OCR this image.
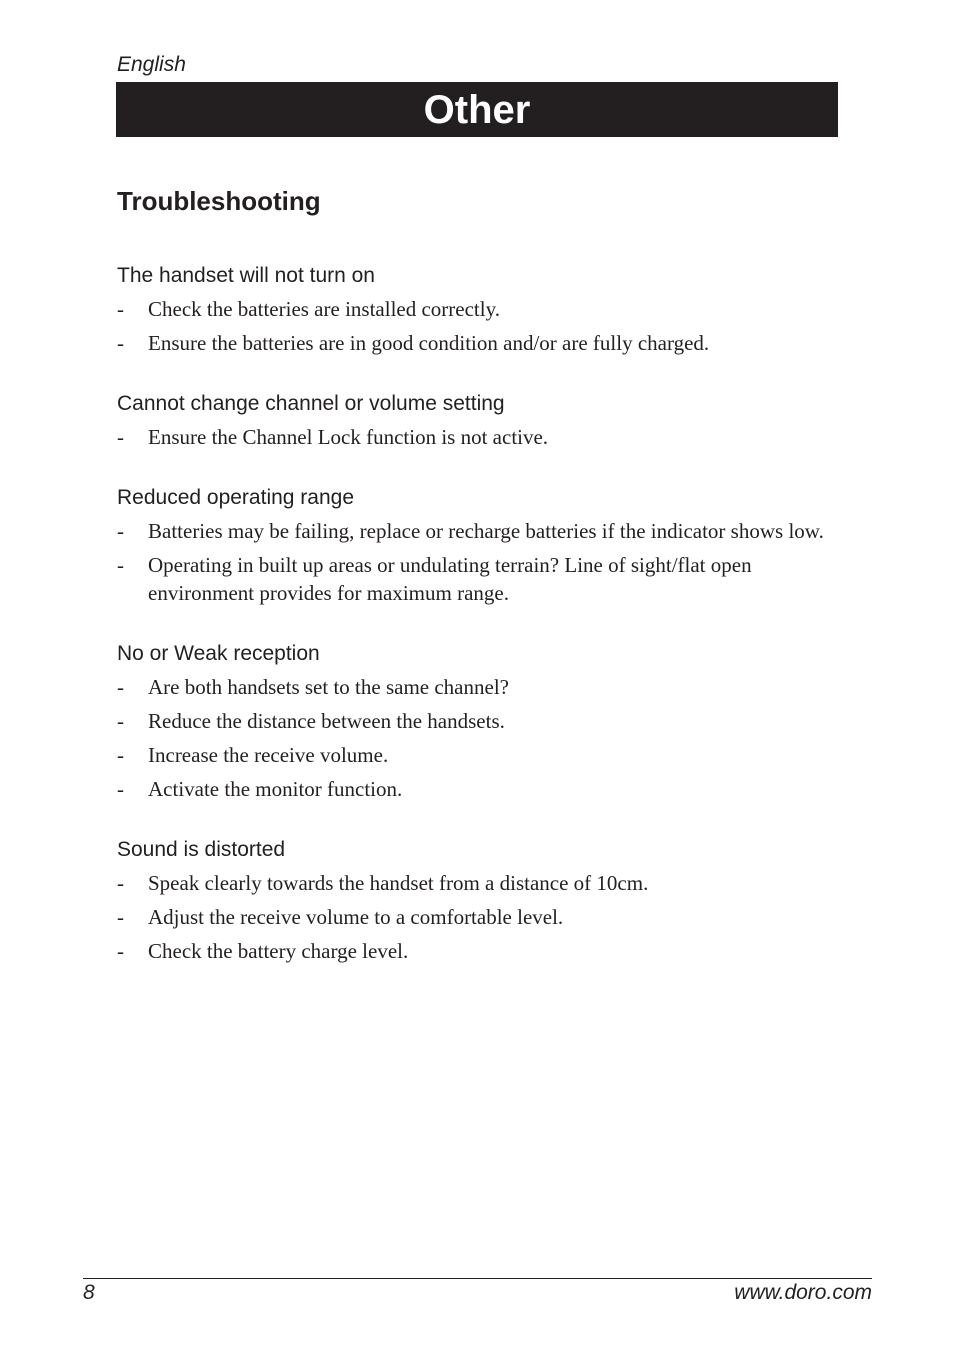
English
Other
Troubleshooting
The handset will not turn on
- Check the batteries are installed correctly.
- Ensure the batteries are in good condition and/or are fully charged.
Cannot change channel or volume setting
- Ensure the Channel Lock function is not active.
Reduced operating range
- Batteries may be failing, replace or recharge batteries if the indicator shows low.
- Operating in built up areas or undulating terrain? Line of sight/flat open environment provides for maximum range.
No or Weak reception
- Are both handsets set to the same channel?
- Reduce the distance between the handsets.
- Increase the receive volume.
- Activate the monitor function.
Sound is distorted
- Speak clearly towards the handset from a distance of 10cm.
- Adjust the receive volume to a comfortable level.
- Check the battery charge level.
8	www.doro.com
